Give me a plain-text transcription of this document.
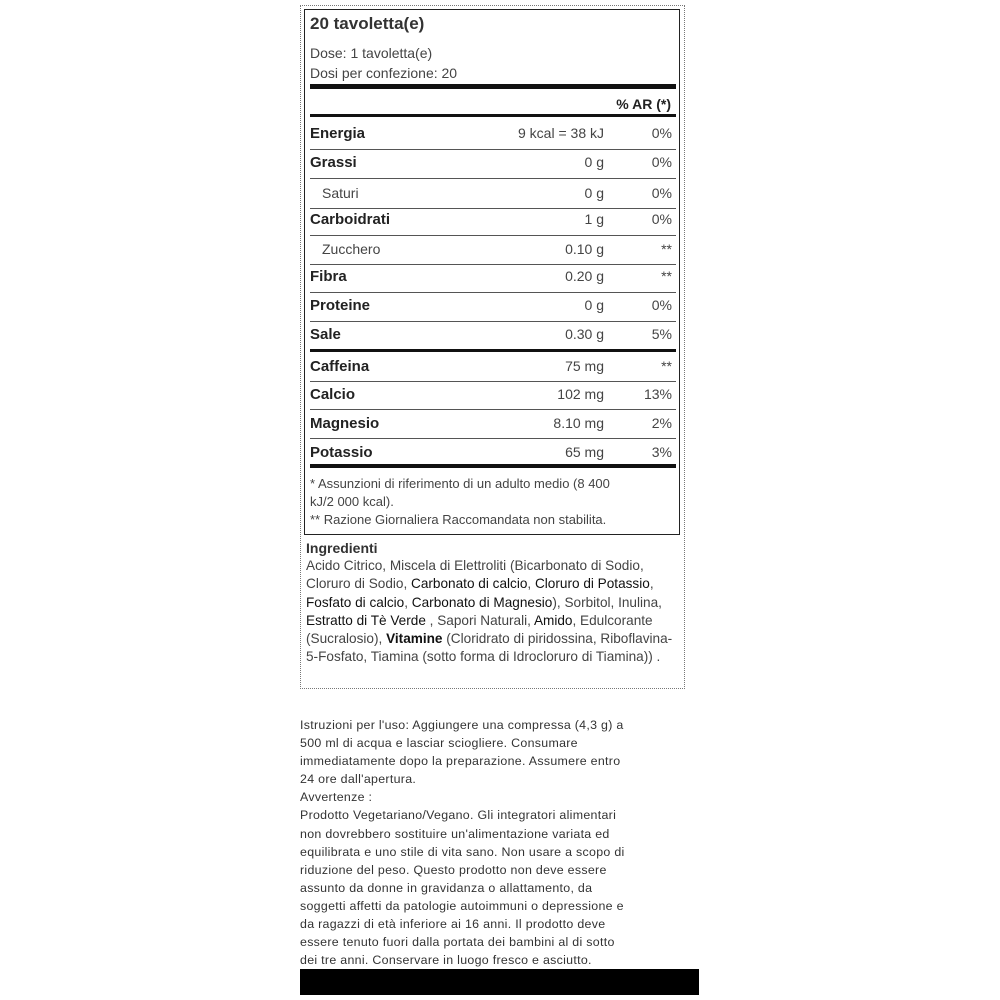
20 tavoletta(e)
Dose: 1 tavoletta(e)
Dosi per confezione: 20
% AR (*)
Energia	9 kcal = 38 kJ	0%
Grassi	0 g	0%
Saturi	0 g	0%
Carboidrati	1 g	0%
Zucchero	0.10 g	**
Fibra	0.20 g	**
Proteine	0 g	0%
Sale	0.30 g	5%
Caffeina	75 mg	**
Calcio	102 mg	13%
Magnesio	8.10 mg	2%
Potassio	65 mg	3%
* Assunzioni di riferimento di un adulto medio (8 400
kJ/2 000 kcal).
** Razione Giornaliera Raccomandata non stabilita.
Ingredienti
Acido Citrico, Miscela di Elettroliti (Bicarbonato di Sodio, Cloruro di Sodio, Carbonato di calcio, Cloruro di Potassio, Fosfato di calcio, Carbonato di Magnesio), Sorbitol, Inulina, Estratto di Tè Verde , Sapori Naturali, Amido, Edulcorante (Sucralosio), Vitamine (Cloridrato di piridossina, Riboflavina-5-Fosfato, Tiamina (sotto forma di Idrocloruro di Tiamina)) .
Istruzioni per l'uso: Aggiungere una compressa (4,3 g) a
500 ml di acqua e lasciar sciogliere. Consumare
immediatamente dopo la preparazione. Assumere entro
24 ore dall'apertura.
Avvertenze :
Prodotto Vegetariano/Vegano. Gli integratori alimentari
non dovrebbero sostituire un'alimentazione variata ed
equilibrata e uno stile di vita sano. Non usare a scopo di
riduzione del peso. Questo prodotto non deve essere
assunto da donne in gravidanza o allattamento, da
soggetti affetti da patologie autoimmuni o depressione e
da ragazzi di età inferiore ai 16 anni. Il prodotto deve
essere tenuto fuori dalla portata dei bambini al di sotto
dei tre anni. Conservare in luogo fresco e asciutto.
